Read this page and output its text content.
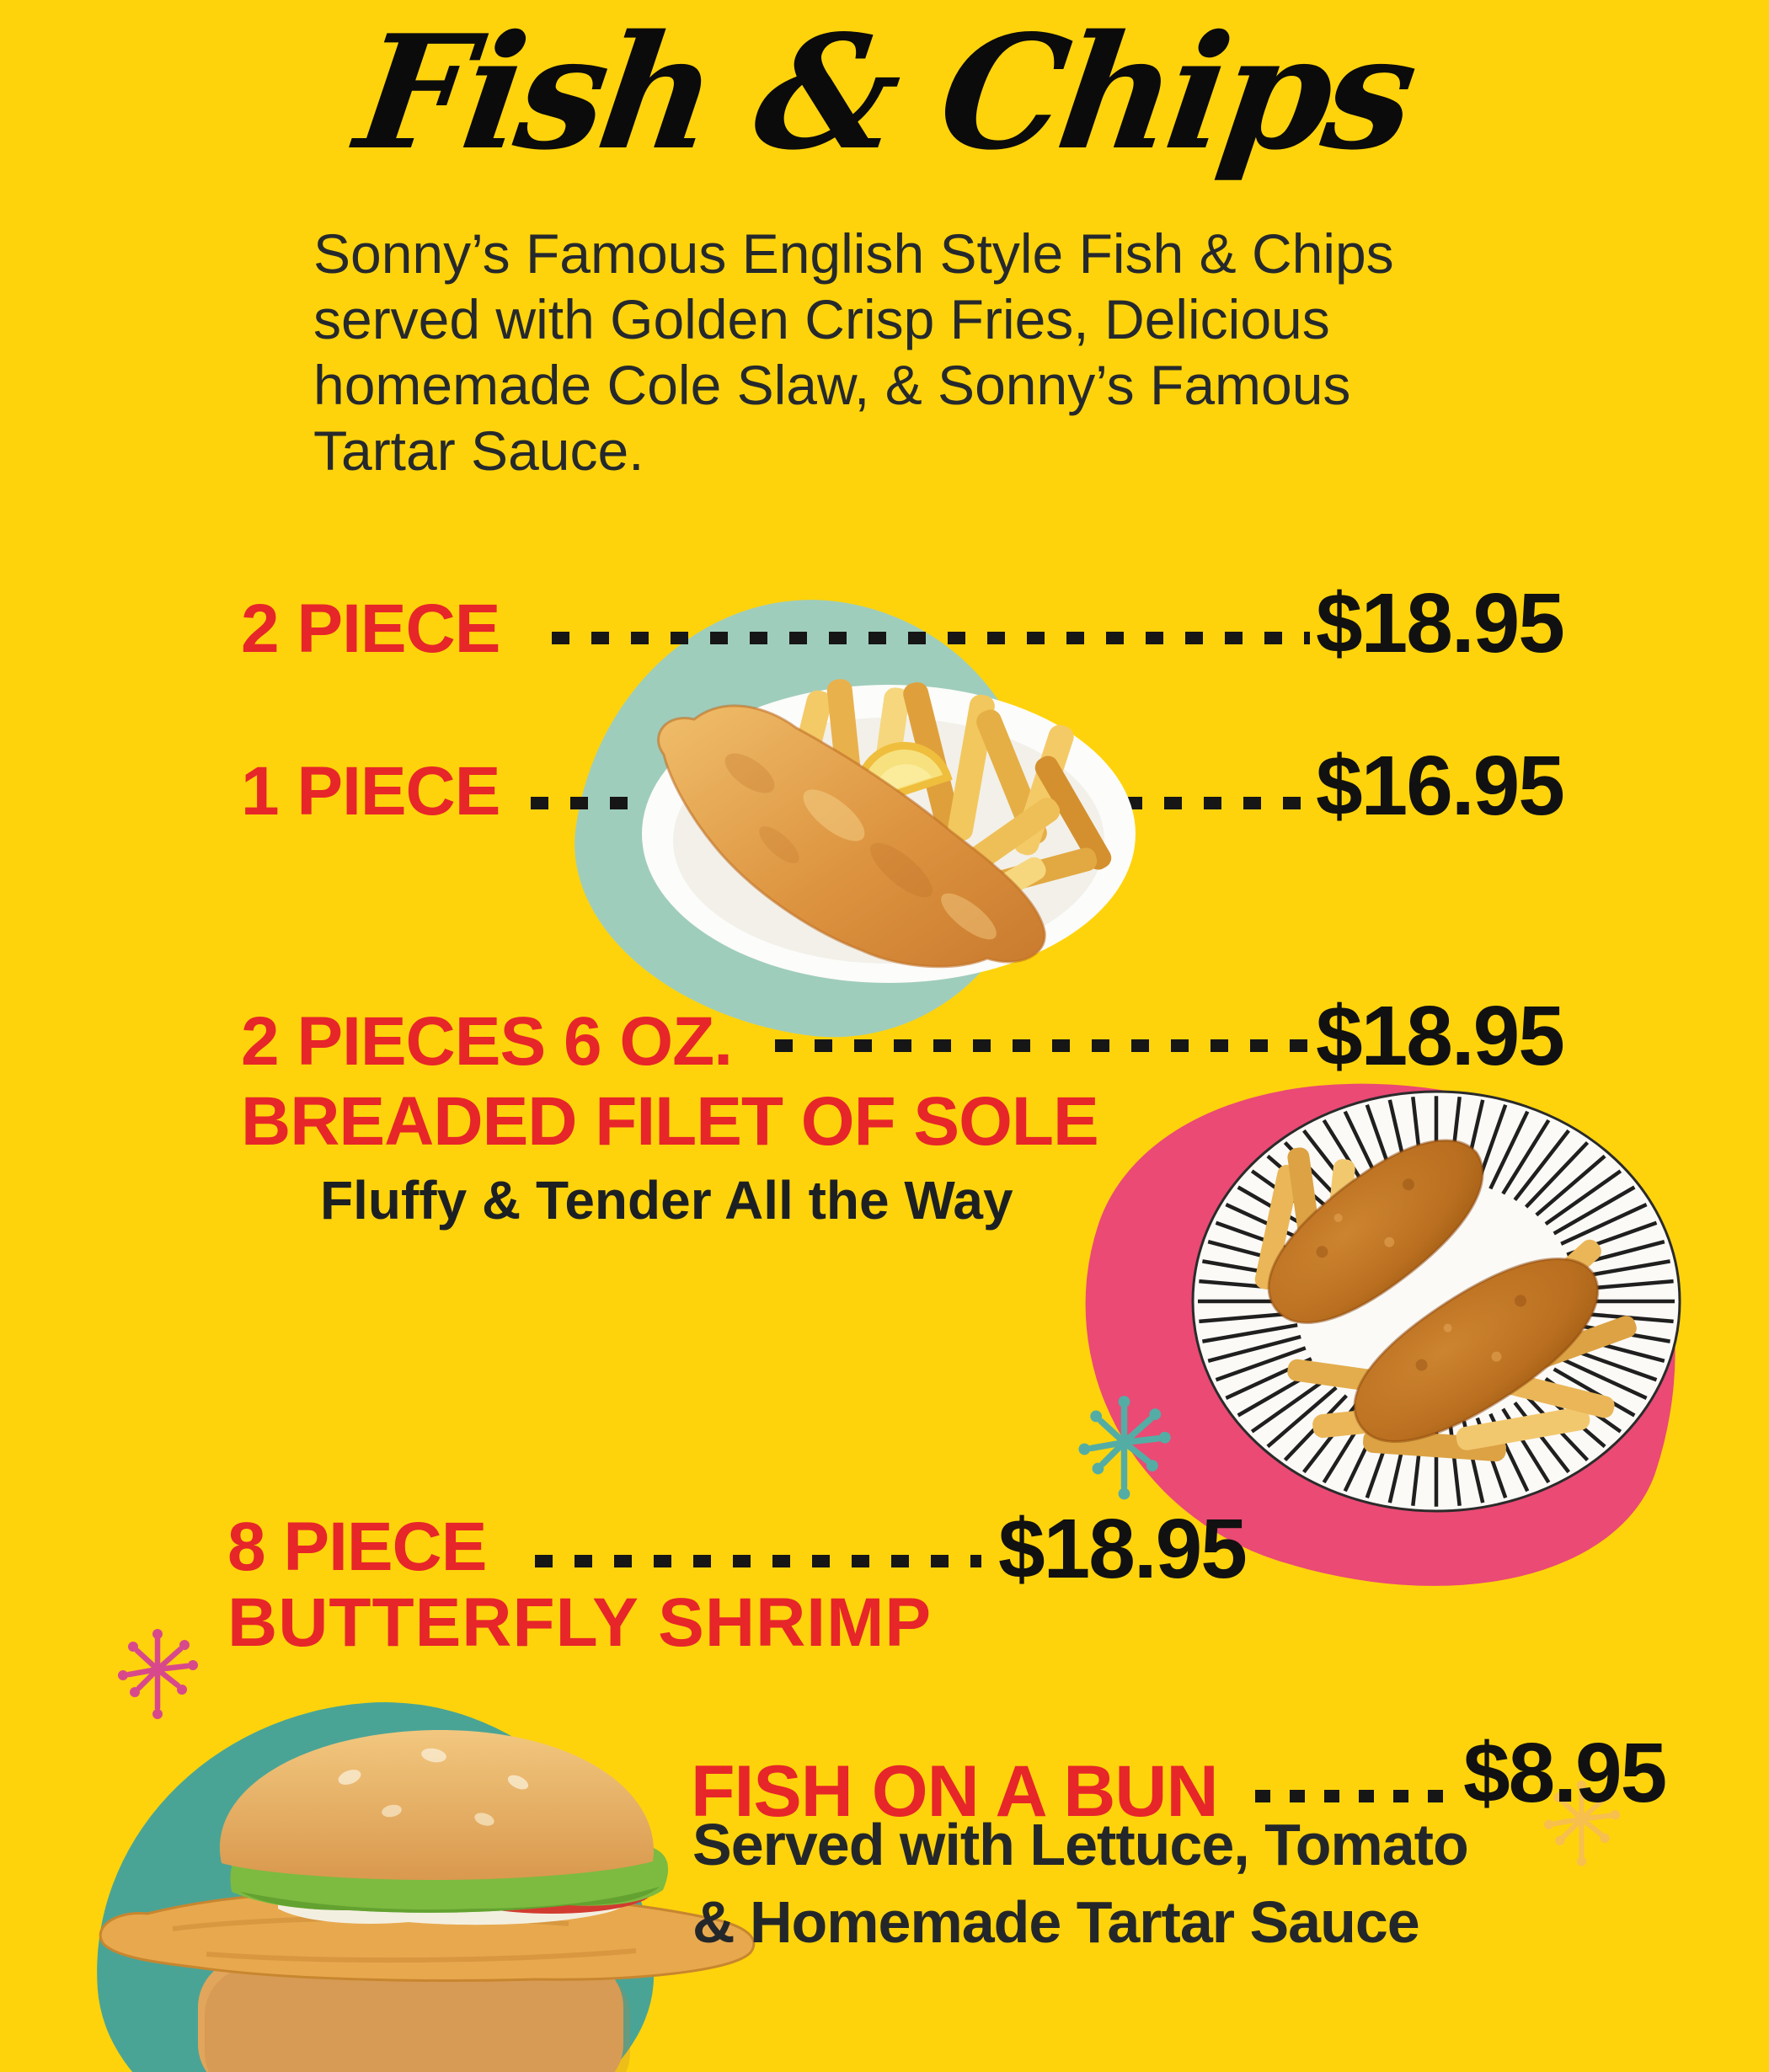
Fish & Chips
Sonny’s Famous English Style Fish & Chips
served with Golden Crisp Fries, Delicious
homemade Cole Slaw, & Sonny’s Famous
Tartar Sauce.
2 PIECE	$18.95
1 PIECE	$16.95
2 PIECES 6 OZ.	$18.95
BREADED FILET OF SOLE
Fluffy & Tender All the Way
8 PIECE	$18.95
BUTTERFLY SHRIMP
FISH ON A BUN	$8.95
Served with Lettuce, Tomato
& Homemade Tartar Sauce
